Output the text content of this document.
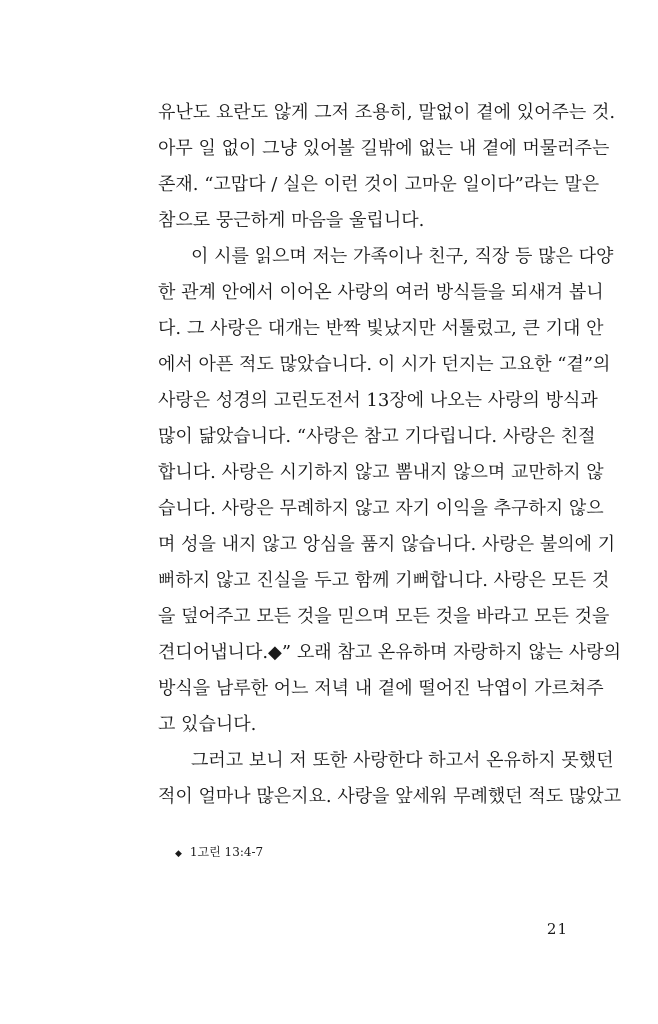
유난도 요란도 않게 그저 조용히, 말없이 곁에 있어주는 것.
아무 일 없이 그냥 있어볼 길밖에 없는 내 곁에 머물러주는
존재. “고맙다 / 실은 이런 것이 고마운 일이다”라는 말은
참으로 뭉근하게 마음을 울립니다.
이 시를 읽으며 저는 가족이나 친구, 직장 등 많은 다양
한 관계 안에서 이어온 사랑의 여러 방식들을 되새겨 봅니
다. 그 사랑은 대개는 반짝 빛났지만 서툴렀고, 큰 기대 안
에서 아픈 적도 많았습니다. 이 시가 던지는 고요한 “곁”의
사랑은 성경의 고린도전서 13장에 나오는 사랑의 방식과
많이 닮았습니다. “사랑은 참고 기다립니다. 사랑은 친절
합니다. 사랑은 시기하지 않고 뽐내지 않으며 교만하지 않
습니다. 사랑은 무례하지 않고 자기 이익을 추구하지 않으
며 성을 내지 않고 앙심을 품지 않습니다. 사랑은 불의에 기
뻐하지 않고 진실을 두고 함께 기뻐합니다. 사랑은 모든 것
을 덮어주고 모든 것을 믿으며 모든 것을 바라고 모든 것을
견디어냅니다.◆” 오래 참고 온유하며 자랑하지 않는 사랑의
방식을 남루한 어느 저녁 내 곁에 떨어진 낙엽이 가르쳐주
고 있습니다.
그러고 보니 저 또한 사랑한다 하고서 온유하지 못했던
적이 얼마나 많은지요. 사랑을 앞세워 무례했던 적도 많았고
◆ 1고린 13:4-7
21
